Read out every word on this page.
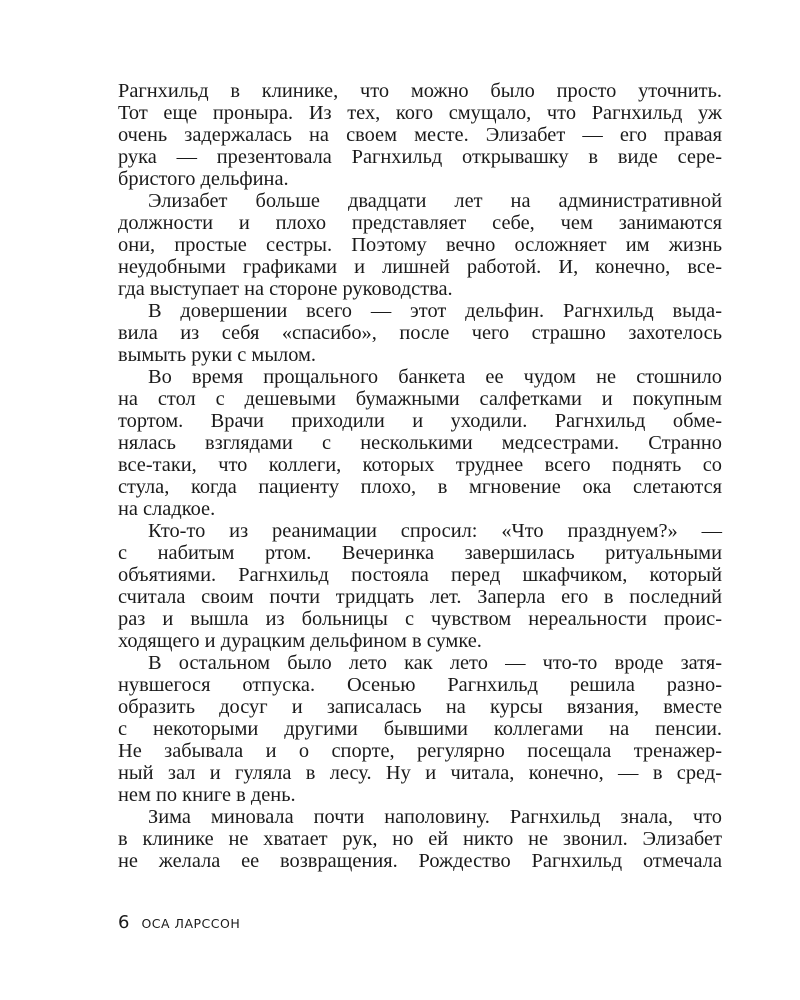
Рагнхильд в клинике, что можно было просто уточнить.
Тот еще проныра. Из тех, кого смущало, что Рагнхильд уж
очень задержалась на своем месте. Элизабет — его правая
рука — презентовала Рагнхильд открывашку в виде сере-
бристого дельфина.
Элизабет больше двадцати лет на административной
должности и плохо представляет себе, чем занимаются
они, простые сестры. Поэтому вечно осложняет им жизнь
неудобными графиками и лишней работой. И, конечно, все-
гда выступает на стороне руководства.
В довершении всего — этот дельфин. Рагнхильд выда-
вила из себя «спасибо», после чего страшно захотелось
вымыть руки с мылом.
Во время прощального банкета ее чудом не стошнило
на стол с дешевыми бумажными салфетками и покупным
тортом. Врачи приходили и уходили. Рагнхильд обме-
нялась взглядами с несколькими медсестрами. Странно
все-таки, что коллеги, которых труднее всего поднять со
стула, когда пациенту плохо, в мгновение ока слетаются
на сладкое.
Кто-то из реанимации спросил: «Что празднуем?» —
с набитым ртом. Вечеринка завершилась ритуальными
объятиями. Рагнхильд постояла перед шкафчиком, который
считала своим почти тридцать лет. Заперла его в последний
раз и вышла из больницы с чувством нереальности проис-
ходящего и дурацким дельфином в сумке.
В остальном было лето как лето — что-то вроде затя-
нувшегося отпуска. Осенью Рагнхильд решила разно-
образить досуг и записалась на курсы вязания, вместе
с некоторыми другими бывшими коллегами на пенсии.
Не забывала и о спорте, регулярно посещала тренажер-
ный зал и гуляла в лесу. Ну и читала, конечно, — в сред-
нем по книге в день.
Зима миновала почти наполовину. Рагнхильд знала, что
в клинике не хватает рук, но ей никто не звонил. Элизабет
не желала ее возвращения. Рождество Рагнхильд отмечала
6 ОСА ЛАРССОН
